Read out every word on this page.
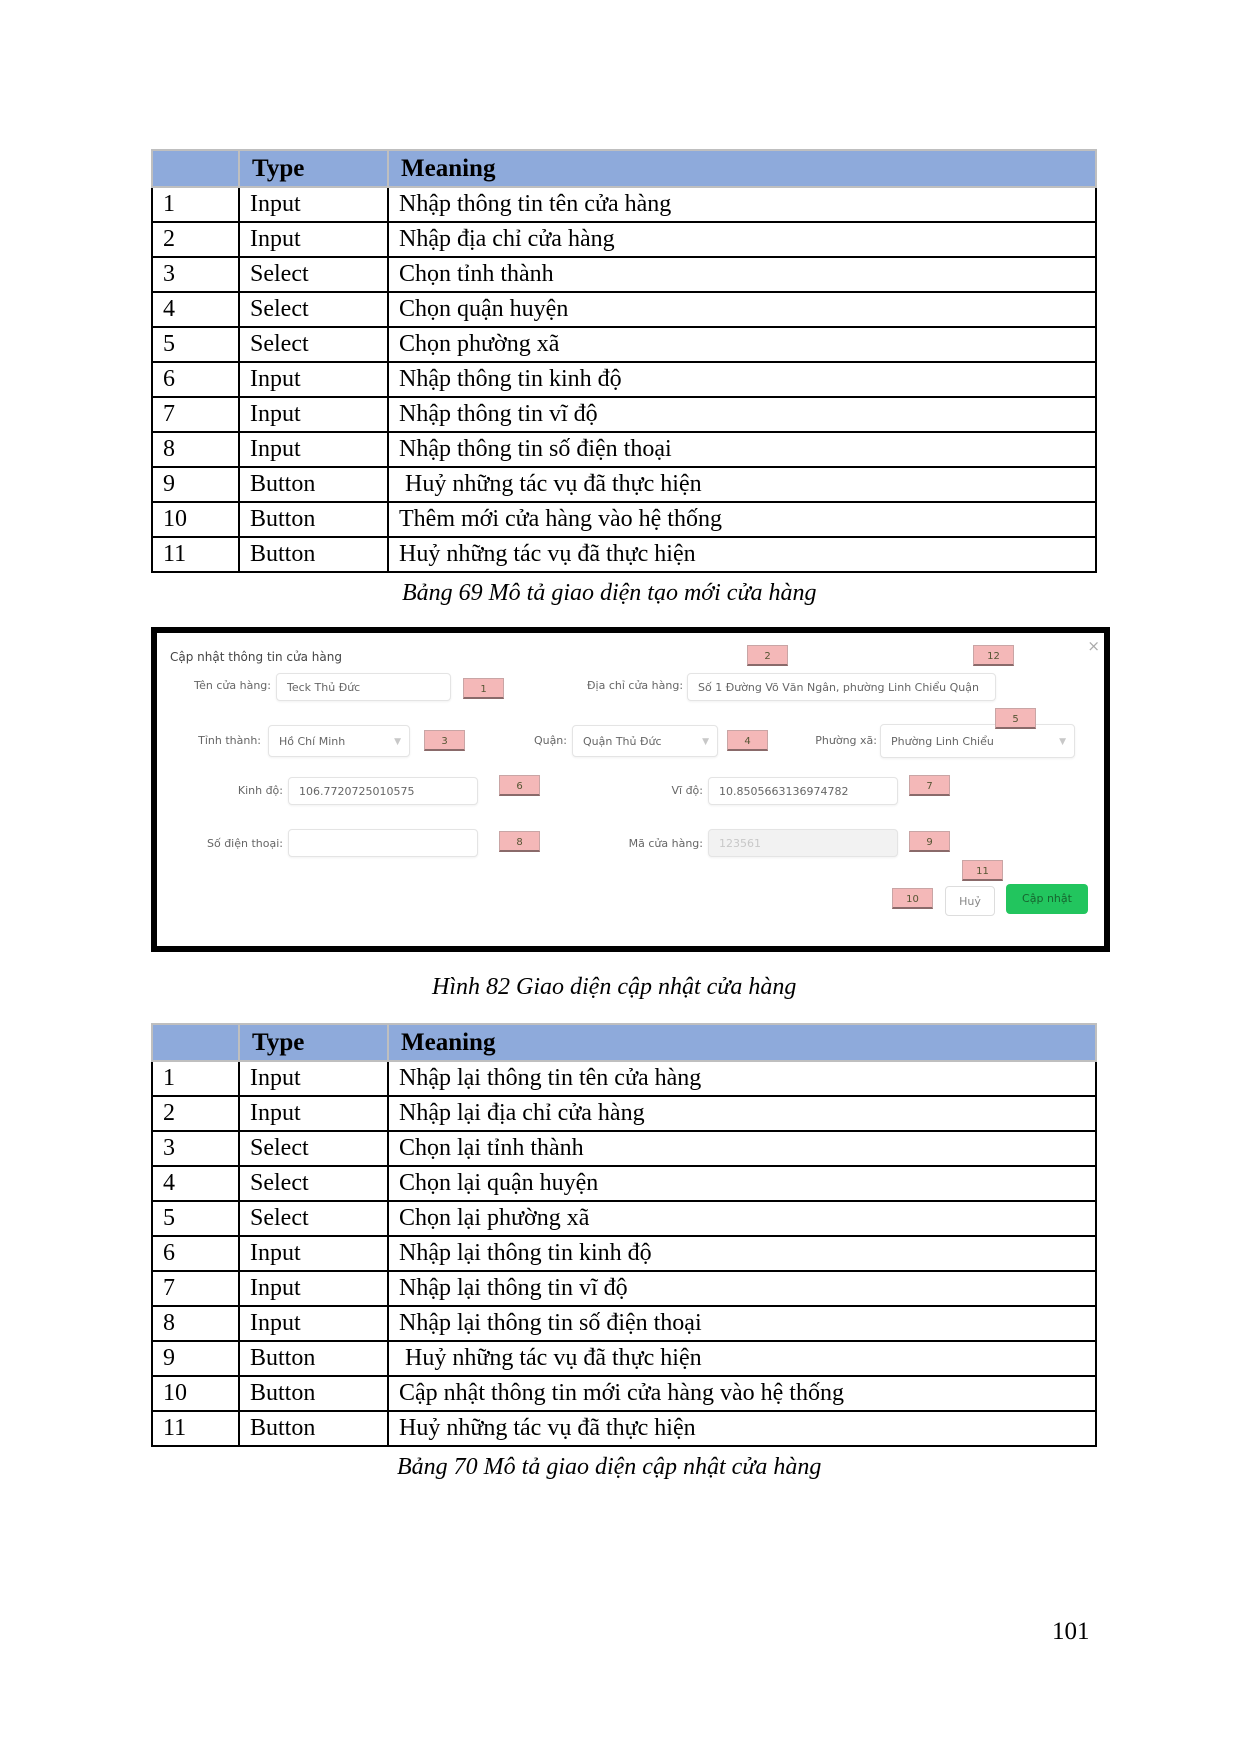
	Type	Meaning
1	Input	Nhập thông tin tên cửa hàng
2	Input	Nhập địa chỉ cửa hàng
3	Select	Chọn tỉnh thành
4	Select	Chọn quận huyện
5	Select	Chọn phường xã
6	Input	Nhập thông tin kinh độ
7	Input	Nhập thông tin vĩ độ
8	Input	Nhập thông tin số điện thoại
9	Button	Huỷ những tác vụ đã thực hiện
10	Button	Thêm mới cửa hàng vào hệ thống
11	Button	Huỷ những tác vụ đã thực hiện
Bảng 69 Mô tả giao diện tạo mới cửa hàng
Cập nhật thông tin cửa hàng
×
Tên cửa hàng:	Teck Thủ Đức	1	Địa chỉ cửa hàng:	Số 1 Đường Võ Văn Ngân, phường Linh Chiểu Quận
2	12
Tỉnh thành:	Hồ Chí Minh	▼	3	Quận:	Quận Thủ Đức	▼	4	Phường xã:	Phường Linh Chiểu	▼
5
Kinh độ:	106.7720725010575	6	Vĩ độ:	10.8505663136974782	7
Số điện thoại:	8	Mã cửa hàng:	123561	9
11
10	Huỷ	Cập nhật
Hình 82 Giao diện cập nhật cửa hàng
	Type	Meaning
1	Input	Nhập lại thông tin tên cửa hàng
2	Input	Nhập lại địa chỉ cửa hàng
3	Select	Chọn lại tỉnh thành
4	Select	Chọn lại quận huyện
5	Select	Chọn lại phường xã
6	Input	Nhập lại thông tin kinh độ
7	Input	Nhập lại thông tin vĩ độ
8	Input	Nhập lại thông tin số điện thoại
9	Button	Huỷ những tác vụ đã thực hiện
10	Button	Cập nhật thông tin mới cửa hàng vào hệ thống
11	Button	Huỷ những tác vụ đã thực hiện
Bảng 70 Mô tả giao diện cập nhật cửa hàng
101
